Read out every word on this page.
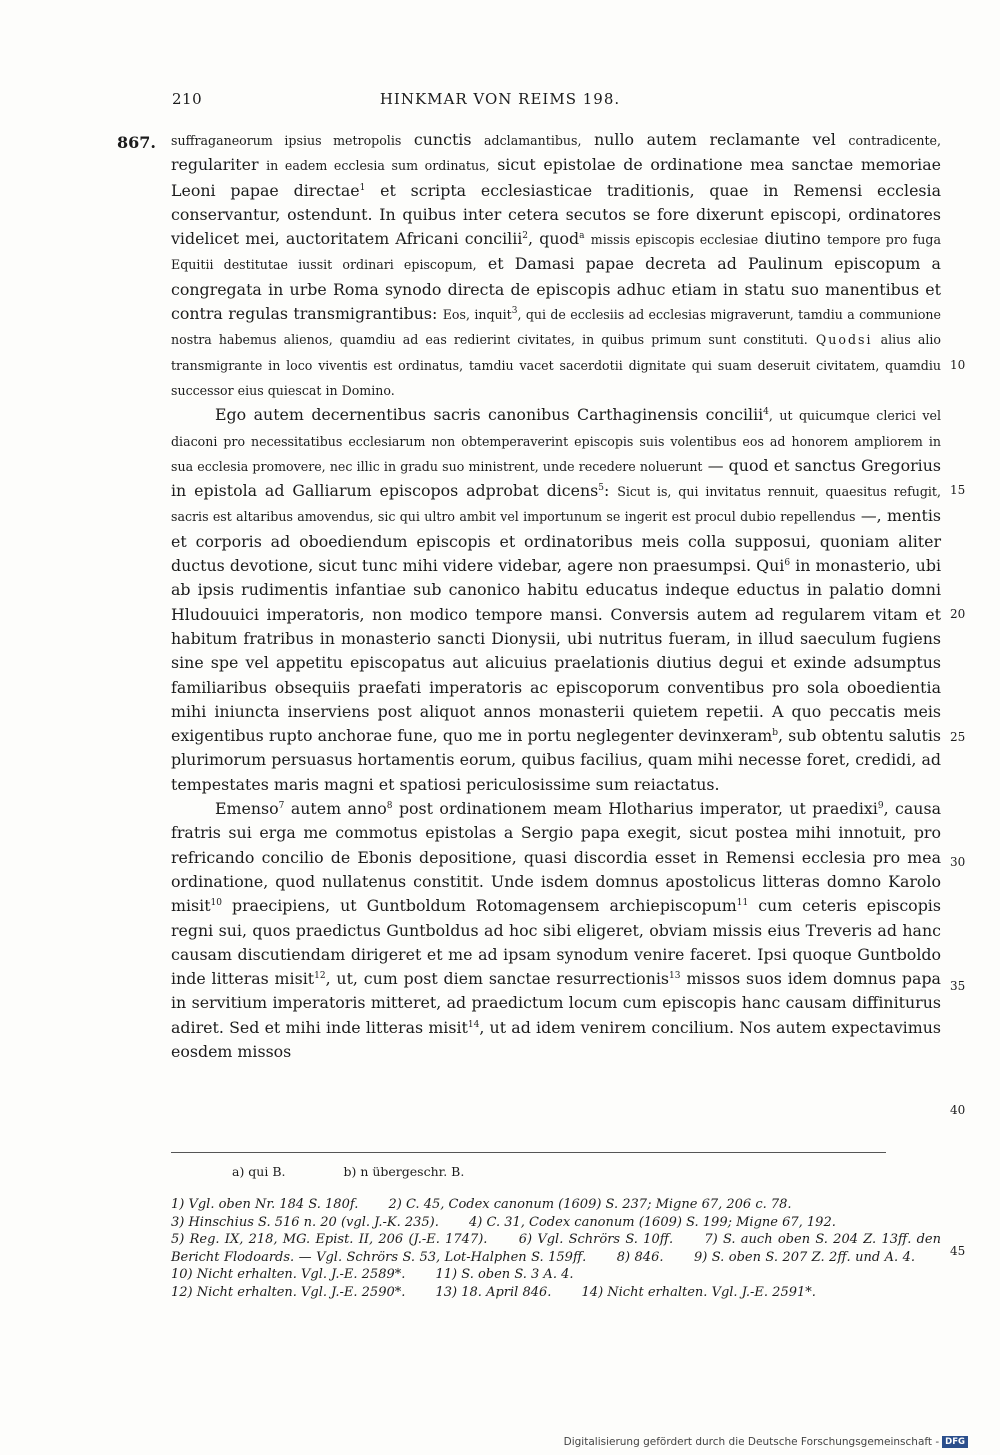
210	HINKMAR VON REIMS 198.
867. suffraganeorum ipsius metropolis cunctis adclamantibus, nullo autem reclamante vel contradicente, regulariter in eadem ecclesia sum ordinatus, sicut epistolae de ordinatione mea sanctae memoriae Leoni papae directae$^1$ et scripta ecclesiasticae traditionis, quae in Remensi ecclesia conservantur, ostendunt. In quibus inter cetera secutos se fore dixerunt episcopi, ordinatores videlicet mei, auctoritatem Africani concilii$^2$, quod$^a$ missis episcopis ecclesiae diutino tempore pro fuga Equitii destitutae iussit ordinari episcopum, et Damasi papae decreta ad Paulinum episcopum a congregata in urbe Roma synodo directa de episcopis adhuc etiam in statu suo manentibus et contra regulas transmigrantibus: Eos, inquit$^3$, qui de ecclesiis ad ecclesias migraverunt, tamdiu a communione nostra habemus alienos, quamdiu ad eas redierint civitates, in quibus primum sunt constituti. Quodsi alius alio transmigrante in loco viventis est ordinatus, tamdiu vacet sacerdotii dignitate qui suam deseruit civitatem, quamdiu successor eius quiescat in Domino.

Ego autem decernentibus sacris canonibus Carthaginensis concilii$^4$, ut quicumque clerici vel diaconi pro necessitatibus ecclesiarum non obtemperaverint episcopis suis volentibus eos ad honorem ampliorem in sua ecclesia promovere, nec illic in gradu suo ministrent, unde recedere noluerunt — quod et sanctus Gregorius in epistola ad Galliarum episcopos adprobat dicens$^5$: Sicut is, qui invitatus rennuit, quaesitus refugit, sacris est altaribus amovendus, sic qui ultro ambit vel importunum se ingerit est procul dubio repellendus —, mentis et corporis ad oboediendum episcopis et ordinatoribus meis colla supposui, quoniam aliter ductus devotione, sicut tunc mihi videre videbar, agere non praesumpsi. Qui$^6$ in monasterio, ubi ab ipsis rudimentis infantiae sub canonico habitu educatus indeque eductus in palatio domni Hludouuici imperatoris, non modico tempore mansi. Conversis autem ad regularem vitam et habitum fratribus in monasterio sancti Dionysii, ubi nutritus fueram, in illud saeculum fugiens sine spe vel appetitu episcopatus aut alicuius praelationis diutius degui et exinde adsumptus familiaribus obsequiis praefati imperatoris ac episcoporum conventibus pro sola oboedientia mihi iniuncta inserviens post aliquot annos monasterii quietem repetii. A quo peccatis meis exigentibus rupto anchorae fune, quo me in portu neglegenter devinxeram$^b$, sub obtentu salutis plurimorum persuasus hortamentis eorum, quibus facilius, quam mihi necesse foret, credidi, ad tempestates maris magni et spatiosi periculosissime sum reiactatus.

Emenso$^7$ autem anno$^8$ post ordinationem meam Hlotharius imperator, ut praedixi$^9$, causa fratris sui erga me commotus epistolas a Sergio papa exegit, sicut postea mihi innotuit, pro refricando concilio de Ebonis depositione, quasi discordia esset in Remensi ecclesia pro mea ordinatione, quod nullatenus constitit. Unde isdem domnus apostolicus litteras domno Karolo misit$^{10}$ praecipiens, ut Guntboldum Rotomagensem archiepiscopum$^{11}$ cum ceteris episcopis regni sui, quos praedictus Guntboldus ad hoc sibi eligeret, obviam missis eius Treveris ad hanc causam discutiendam dirigeret et me ad ipsam synodum venire faceret. Ipsi quoque Guntboldo inde litteras misit$^{12}$, ut, cum post diem sanctae resurrectionis$^{13}$ missos suos idem domnus papa in servitium imperatoris mitteret, ad praedictum locum cum episcopis hanc causam diffiniturus adiret. Sed et mihi inde litteras misit$^{14}$, ut ad idem venirem concilium. Nos autem expectavimus eosdem missos

10
15
20
25
30
35
40
45
a) qui B.	b) n übergeschr. B.

1) Vgl. oben Nr. 184 S. 180f.   2) C. 45, Codex canonum (1609) S. 237; Migne 67, 206 c. 78.

3) Hinschius S. 516 n. 20 (vgl. J.-K. 235).   4) C. 31, Codex canonum (1609) S. 199; Migne 67, 192.

5) Reg. IX, 218, MG. Epist. II, 206 (J.-E. 1747).   6) Vgl. Schrörs S. 10ff.   7) S. auch oben S. 204 Z. 13ff. den Bericht Flodoards. — Vgl. Schrörs S. 53, Lot-Halphen S. 159ff.   8) 846.   9) S. oben S. 207 Z. 2ff. und A. 4.   10) Nicht erhalten. Vgl. J.-E. 2589*.   11) S. oben S. 3 A. 4.

12) Nicht erhalten. Vgl. J.-E. 2590*.   13) 18. April 846.   14) Nicht erhalten. Vgl. J.-E. 2591*.

Digitalisierung gefördert durch die Deutsche Forschungsgemeinschaft - DFG
